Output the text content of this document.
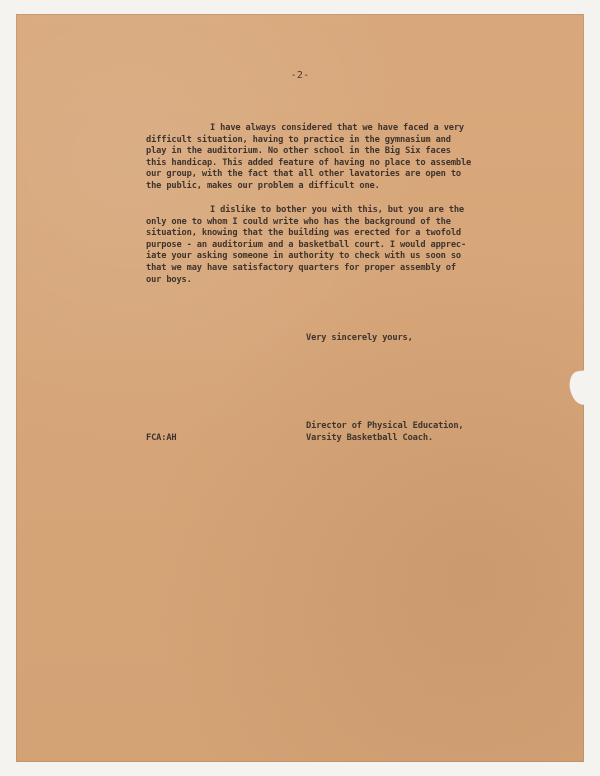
-2-
I have always considered that we have faced a very
difficult situation, having to practice in the gymnasium and
play in the auditorium. No other school in the Big Six faces
this handicap. This added feature of having no place to assemble
our group, with the fact that all other lavatories are open to
the public, makes our problem a difficult one.
I dislike to bother you with this, but you are the
only one to whom I could write who has the background of the
situation, knowing that the building was erected for a twofold
purpose - an auditorium and a basketball court. I would apprec-
iate your asking someone in authority to check with us soon so
that we may have satisfactory quarters for proper assembly of
our boys.
Very sincerely yours,
FCA:AH
Director of Physical Education,
Varsity Basketball Coach.
